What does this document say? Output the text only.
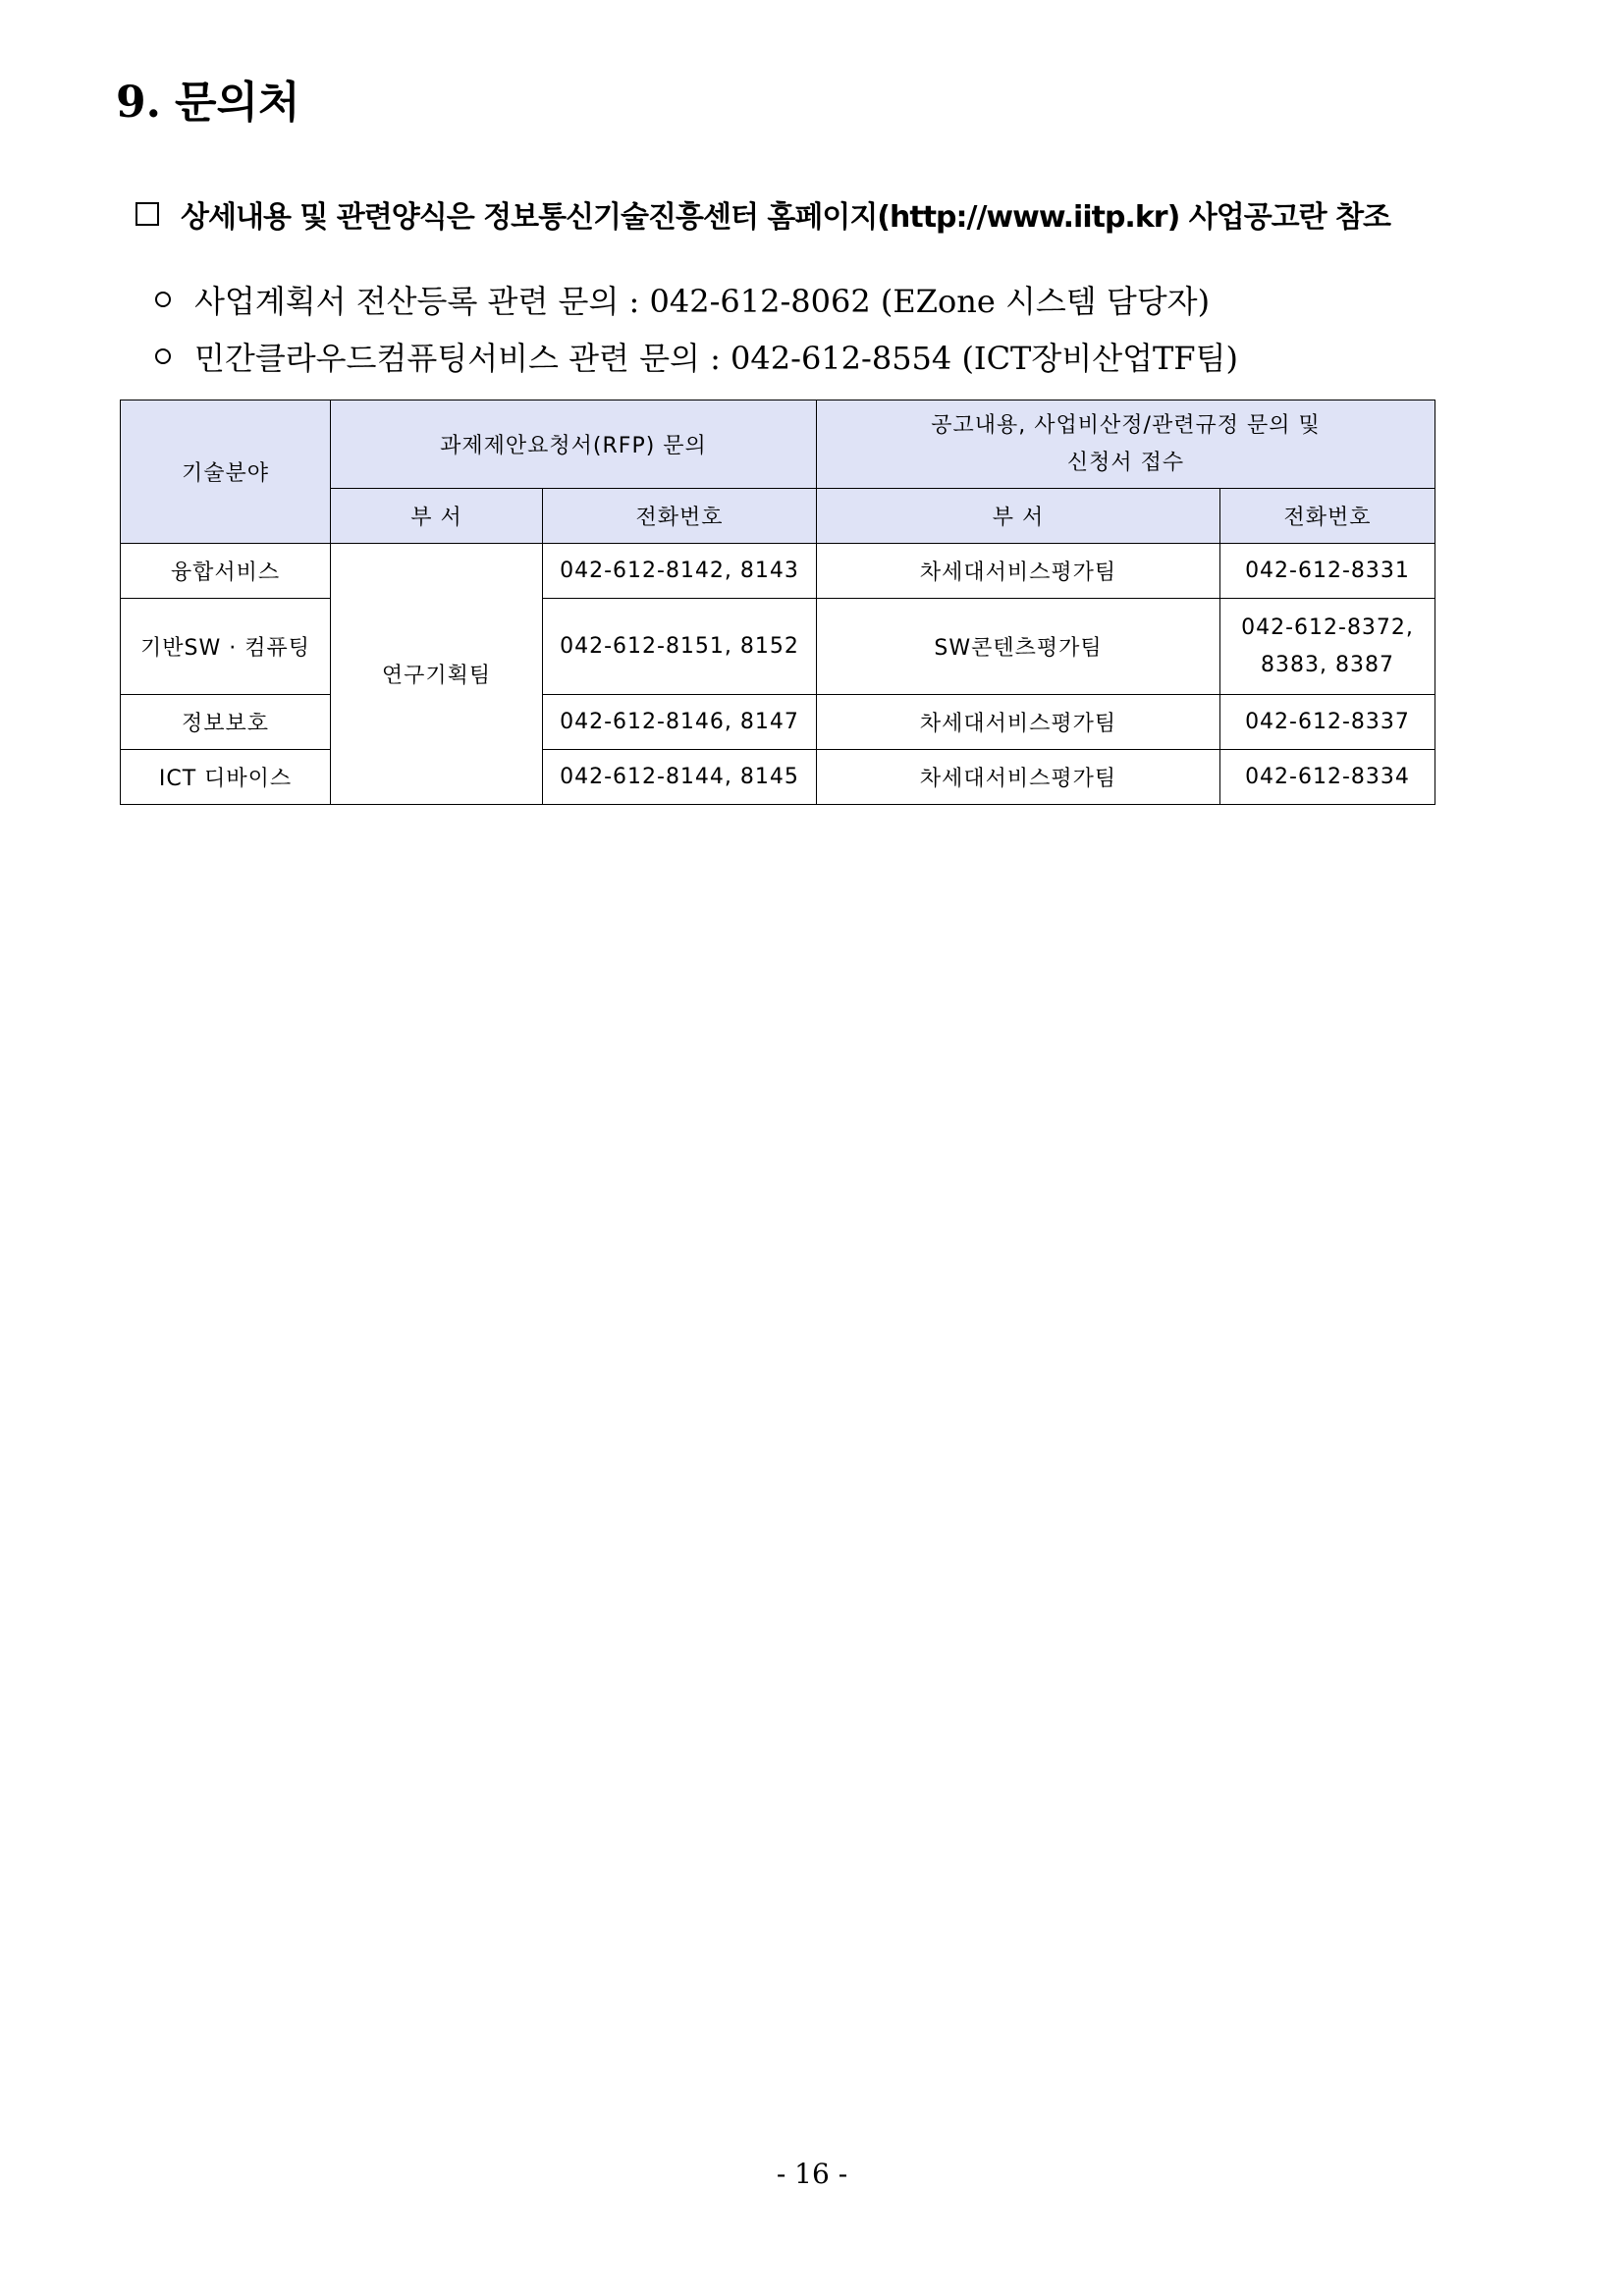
9. 문의처
상세내용 및 관련양식은 정보통신기술진흥센터 홈페이지(http://www.iitp.kr) 사업공고란 참조
사업계획서 전산등록 관련 문의 : 042-612-8062 (EZone 시스템 담당자)
민간클라우드컴퓨팅서비스 관련 문의 : 042-612-8554 (ICT장비산업TF팀)
기술분야	과제제안요청서(RFP) 문의		공고내용, 사업비산정/관련규정 문의 및
신청서 접수	
	부 서	전화번호	부 서	전화번호
융합서비스	연구기획팀	042-612-8142, 8143	차세대서비스평가팀	042-612-8331
기반SW · 컴퓨팅		042-612-8151, 8152	SW콘텐츠평가팀	042-612-8372,
8383, 8387
정보보호		042-612-8146, 8147	차세대서비스평가팀	042-612-8337
ICT 디바이스		042-612-8144, 8145	차세대서비스평가팀	042-612-8334
- 16 -
